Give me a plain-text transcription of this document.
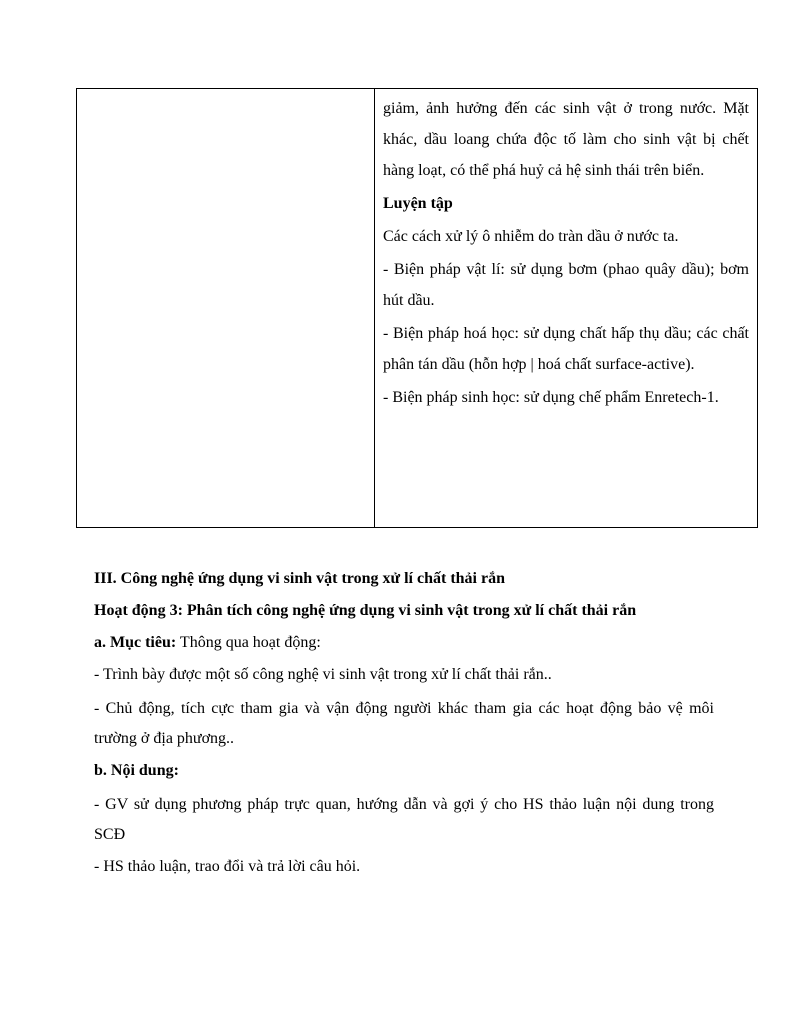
giảm, ảnh hưởng đến các sinh vật ở trong nước. Mặt khác, dầu loang chứa độc tố làm cho sinh vật bị chết hàng loạt, có thể phá huỷ cả hệ sinh thái trên biển.

Luyện tập

Các cách xử lý ô nhiễm do tràn dầu ở nước ta.

- Biện pháp vật lí: sử dụng bơm (phao quây dầu); bơm hút dầu.

- Biện pháp hoá học: sử dụng chất hấp thụ dầu; các chất phân tán dầu (hỗn hợp | hoá chất surface-active).

- Biện pháp sinh học: sử dụng chế phẩm Enretech-1.

III. Công nghệ ứng dụng vi sinh vật trong xử lí chất thải rắn

Hoạt động 3: Phân tích công nghệ ứng dụng vi sinh vật trong xử lí chất thải rắn

a. Mục tiêu: Thông qua hoạt động:

- Trình bày được một số công nghệ vi sinh vật trong xử lí chất thải rắn..

- Chủ động, tích cực tham gia và vận động người khác tham gia các hoạt động bảo vệ môi trường ở địa phương..

b. Nội dung:

- GV sử dụng phương pháp trực quan, hướng dẫn và gợi ý cho HS thảo luận nội dung trong SCĐ

- HS thảo luận, trao đổi và trả lời câu hỏi.
